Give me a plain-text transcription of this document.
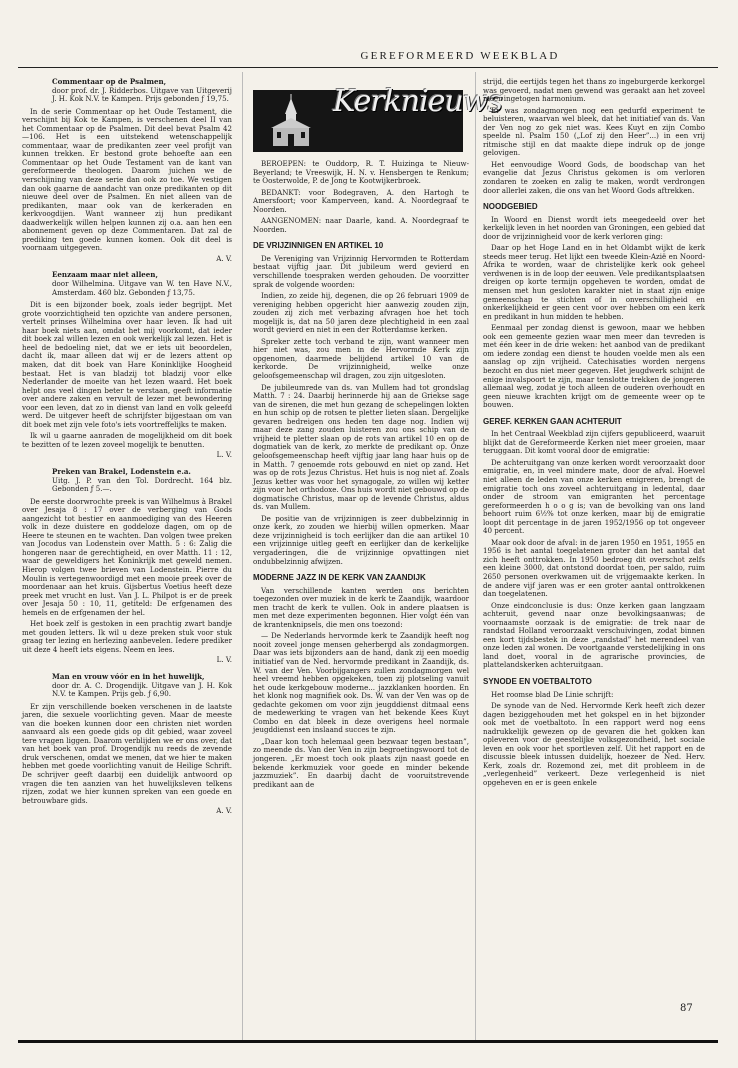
GEREFORMEERD WEEKBLAD
Commentaar op de Psalmen,
door prof. dr. J. Ridderbos. Uitgave van Uitgeverij J. H. Kok N.V. te Kampen. Prijs gebonden ƒ 19,75.

In de serie Commentaar op het Oude Testament, die verschijnt bij Kok te Kampen, is verschenen deel II van het Commentaar op de Psalmen. Dit deel bevat Psalm 42—106. Het is een uitstekend wetenschappelijk commentaar, waar de predikanten zeer veel profijt van kunnen trekken. Er bestond grote behoefte aan een Commentaar op het Oude Testament van de kant van gereformeerde theologen. Daarom juichen we de verschijning van deze serie dan ook zo toe. We vestigen dan ook gaarne de aandacht van onze predikanten op dit nieuwe deel over de Psalmen. En niet alleen van de predikanten, maar ook van de kerkeraden en kerkvoogdijen. Want wanneer zij hun predikant daadwerkelijk willen helpen kunnen zij o.a. aan hen een abonnement geven op deze Commentaren. Dat zal de prediking ten goede kunnen komen. Ook dit deel is voornaam uitgegeven.

A. V.
Eenzaam maar niet alleen,
door Wilhelmina. Uitgave van W. ten Have N.V., Amsterdam. 460 blz. Gebonden ƒ 13,75.

Dit is een bijzonder boek, zoals ieder begrijpt. Met grote voorzichtigheid ten opzichte van andere personen, vertelt prinses Wilhelmina over haar leven. Ik had uit haar boek niets aan, omdat het mij voorkomt, dat ieder dit boek zal willen lezen en ook werkelijk zal lezen. Het is heel de bedoeling niet, dat we er iets uit beoordelen, dacht ik, maar alleen dat wij er de lezers attent op maken, dat dit boek van Hare Koninklijke Hoogheid bestaat. Het is van bladzij tot bladzij voor elke Nederlander de moeite van het lezen waard. Het boek helpt ons veel dingen beter te verstaan, geeft informatie over andere zaken en vervult de lezer met bewondering voor een leven, dat zo in dienst van land en volk geleefd werd. De uitgever heeft de schrijfster bijgestaan om van dit boek met zijn vele foto's iets voortreffelijks te maken.

Ik wil u gaarne aanraden de mogelijkheid om dit boek te bezitten of te lezen zoveel mogelijk te benutten.

L. V.
Preken van Brakel, Lodenstein e.a.
Uitg. J. P. van den Tol. Dordrecht. 164 blz. Gebonden ƒ 5.—.

De eerste doorwrochte preek is van Wilhelmus à Brakel over Jesaja 8 : 17 over de verberging van Gods aangezicht tot bestier en aanmoediging van des Heeren volk in deze duistere en goddeloze dagen, om op de Heere te steunen en te wachten. Dan volgen twee preken van Jocodus van Lodenstein over Matth. 5 : 6: Zalig die hongeren naar de gerechtigheid, en over Matth. 11 : 12, waar de geweldigers het Koninkrijk met geweld nemen. Hierop volgen twee brieven van Lodenstein. Pierre du Moulin is vertegenwoordigd met een mooie preek over de moordenaar aan het kruis. Gijsbertus Voetius heeft deze preek met vrucht en lust. Van J. L. Philpot is er de preek over Jesaja 50 : 10, 11, getiteld: De erfgenamen des hemels en de erfgenamen der hel.

Het boek zelf is gestoken in een prachtig zwart bandje met gouden letters. Ik wil u deze preken stuk voor stuk graag ter lezing en herlezing aanbevelen. Iedere prediker uit deze 4 heeft iets eigens. Neem en lees.

L. V.
Man en vrouw vóór en in het huwelijk,
door dr. A. C. Drogendijk. Uitgave van J. H. Kok N.V. te Kampen. Prijs geb. ƒ 6,90.

Er zijn verschillende boeken verschenen in de laatste jaren, die sexuele voorlichting geven. Maar de meeste van die boeken kunnen door een christen niet worden aanvaard als een goede gids op dit gebied, waar zoveel tere vragen liggen. Daarom verblijden we er ons over, dat van het boek van prof. Drogendijk nu reeds de zevende druk verschenen, omdat we menen, dat we hier te maken hebben met goede voorlichting vanuit de Heilige Schrift. De schrijver geeft daarbij een duidelijk antwoord op vragen die ten aanzien van het huwelijksleven telkens rijzen, zodat we hier kunnen spreken van een goede en betrouwbare gids.

A. V.
Kerknieuws

BEROEPEN: te Ouddorp, R. T. Huizinga te Nieuw-Beyerland; te Vreeswijk, H. N. v. Hensbergen te Renkum; te Oosterwolde, P. de Jong te Kootwijkerbroek.

BEDANKT: voor Bodegraven, A. den Hartogh te Amersfoort; voor Kamperveen, kand. A. Noordegraaf te Noorden.

AANGENOMEN: naar Daarle, kand. A. Noordegraaf te Noorden.

DE VRIJZINNIGEN EN ARTIKEL 10

De Vereniging van Vrijzinnig Hervormden te Rotterdam bestaat vijftig jaar. Dit jubileum werd gevierd en verschillende toespraken werden gehouden. De voorzitter sprak de volgende woorden:

Indien, zo zeide hij, degenen, die op 26 februari 1909 de vereniging hebben opgericht hier aanwezig zouden zijn, zouden zij zich met verbazing afvragen hoe het toch mogelijk is, dat na 50 jaren deze plechtigheid in een zaal wordt gevierd en niet in een der Rotterdamse kerken.

Spreker zette toch verband te zijn, want wanneer men hier niet was, zou men in de Hervormde Kerk zijn opgenomen, daarmede belijdend artikel 10 van de kerkorde. De vrijzinnigheid, welke onze geloofsgemeenschap wil dragen, zou zijn uitgesloten.

De jubileumrede van ds. van Mullem had tot grondslag Matth. 7 : 24. Daarbij herinnerde hij aan de Griekse sage van de sirenen, die met hun gezang de schepelingen lokten en hun schip op de rotsen te pletter lieten slaan. Dergelijke gevaren bedreigen ons heden ten dage nog. Indien wij maar deze zang zouden luisteren zou ons schip van de vrijheid te pletter slaan op de rots van artikel 10 en op de dogmatiek van de kerk, zo merkte de predikant op. Onze geloofsgemeenschap heeft vijftig jaar lang haar huis op de in Matth. 7 genoemde rots gebouwd en niet op zand. Het was op de rots Jezus Christus. Het huis is nog niet af. Zoals Jezus ketter was voor het synagogale, zo willen wij ketter zijn voor het orthodoxe. Ons huis wordt niet gebouwd op de dogmatische Christus, maar op de levende Christus, aldus ds. van Mullem.

De positie van de vrijzinnigen is zeer dubbelzinnig in onze kerk, zo zouden we hierbij willen opmerken. Maar deze vrijzinnigheid is toch eerlijker dan die aan artikel 10 een vrijzinnige uitleg geeft en eerlijker dan de kerkelijke vergaderingen, die de vrijzinnige opvattingen niet ondubbelzinnig afwijzen.

MODERNE JAZZ IN DE KERK VAN ZAANDIJK

Van verschillende kanten werden ons berichten toegezonden over muziek in de kerk te Zaandijk, waardoor men tracht de kerk te vullen. Ook in andere plaatsen is men met deze experimenten begonnen. Hier volgt één van de krantenknipsels, die men ons toezond:

— De Nederlands hervormde kerk te Zaandijk heeft nog nooit zoveel jonge mensen geherbergd als zondagmorgen. Daar was iets bijzonders aan de hand, dank zij een moedig initiatief van de Ned. hervormde predikant in Zaandijk, ds. W. van der Ven. Voorbijgangers zullen zondagmorgen wel heel vreemd hebben opgekeken, toen zij plotseling vanuit het oude kerkgebouw moderne... jazzklanken hoorden. En het klonk nog magnifiek ook. Ds. W. van der Ven was op de gedachte gekomen om voor zijn jeugddienst ditmaal eens de medewerking te vragen van het bekende Kees Kuyt Combo en dat bleek in deze overigens heel normale jeugddienst een inslaand succes te zijn.

„Daar kon toch helemaal geen bezwaar tegen bestaan”, zo meende ds. Van der Ven in zijn begroetingswoord tot de jongeren. „Er moest toch ook plaats zijn naast goede en bekende kerkmuziek voor goede en minder bekende jazzmuziek”. En daarbij dacht de vooruitstrevende predikant aan de

strijd, die eertijds tegen het thans zo ingeburgerde kerkorgel was gevoerd, nadat men gewend was geraakt aan het zoveel meer ingetogen harmonium.

Er was zondagmorgen nog een gedurfd experiment te beluisteren, waarvan wel bleek, dat het initiatief van ds. Van der Ven nog zo gek niet was. Kees Kuyt en zijn Combo speelde nl. Psalm 150 („Lof zij den Heer”...) in een vrij ritmische stijl en dat maakte diepe indruk op de jonge gelovigen.

Het eenvoudige Woord Gods, de boodschap van het evangelie dat Jezus Christus gekomen is om verloren zondaren te zoeken en zalig te maken, wordt verdrongen door allerlei zaken, die ons van het Woord Gods aftrekken.

NOODGEBIED

In Woord en Dienst wordt iets meegedeeld over het kerkelijk leven in het noorden van Groningen, een gebied dat door de vrijzinnigheid voor de kerk verloren ging:

Daar op het Hoge Land en in het Oldambt wijkt de kerk steeds meer terug. Het lijkt een tweede Klein-Azië en Noord-Afrika te worden, waar de christelijke kerk ook geheel verdwenen is in de loop der eeuwen. Vele predikantsplaatsen dreigen op korte termijn opgeheven te worden, omdat de mensen met hun gesloten karakter niet in staat zijn enige gemeenschap te stichten of in onverschilligheid en onkerkelijkheid er geen cent voor over hebben om een kerk en predikant in hun midden te hebben.

Eenmaal per zondag dienst is gewoon, maar we hebben ook een gemeente gezien waar men meer dan tevreden is met één keer in de drie weken: het aanbod van de predikant om iedere zondag een dienst te houden voelde men als een aanslag op zijn vrijheid. Catechisaties worden nergens bezocht en dus niet meer gegeven. Het jeugdwerk schijnt de enige invalspoort te zijn, maar tenslotte trekken de jongeren allemaal weg, zodat je toch alleen de ouderen overhoudt en geen nieuwe krachten krijgt om de gemeente weer op te bouwen.

GEREF. KERKEN GAAN ACHTERUIT

In het Centraal Weekblad zijn cijfers gepubliceerd, waaruit blijkt dat de Gereformeerde Kerken niet meer groeien, maar teruggaan. Dit komt vooral door de emigratie:

De achteruitgang van onze kerken wordt veroorzaakt door emigratie, en, in veel mindere mate, door de afval. Hoewel niet alleen de leden van onze kerken emigreren, brengt de emigratie toch ons zoveel achteruitgang in ledental, daar onder de stroom van emigranten het percentage gereformeerden h o o g is; van de bevolking van ons land behoort ruim 6½% tot onze kerken, maar bij de emigratie loopt dit percentage in de jaren 1952/1956 op tot ongeveer 40 percent.

Maar ook door de afval: in de jaren 1950 en 1951, 1955 en 1956 is het aantal toegelatenen groter dan het aantal dat zich heeft onttrokken. In 1950 bedroeg dit overschot zelfs een kleine 3000, dat ontstond doordat toen, per saldo, ruim 2650 personen overkwamen uit de vrijgemaakte kerken. In de andere vijf jaren was er een groter aantal onttrokkenen dan toegelatenen.

Onze eindconclusie is dus: Onze kerken gaan langzaam achteruit, gevend naar onze bevolkingsaanwas; de voornaamste oorzaak is de emigratie: de trek naar de randstad Holland veroorzaakt verschuivingen, zodat binnen een kort tijdsbestek in deze „randstad” het merendeel van onze leden zal wonen. De voortgaande verstedelijking in ons land doet, vooral in de agrarische provincies, de plattelandskerken achteruitgaan.

SYNODE EN VOETBALTOTO

Het roomse blad De Linie schrijft:

De synode van de Ned. Hervormde Kerk heeft zich dezer dagen beziggehouden met het gokspel en in het bijzonder ook met de voetbaltoto. In een rapport werd nog eens nadrukkelijk gewezen op de gevaren die het gokken kan opleveren voor de geestelijke volksgezondheid, het sociale leven en ook voor het sportleven zelf. Uit het rapport en de discussie bleek intussen duidelijk, hoezeer de Ned. Herv. Kerk, zoals dr. Rozemond zei, met dit probleem in de „verlegenheid” verkeert. Deze verlegenheid is niet opgeheven en er is geen enkele

87
